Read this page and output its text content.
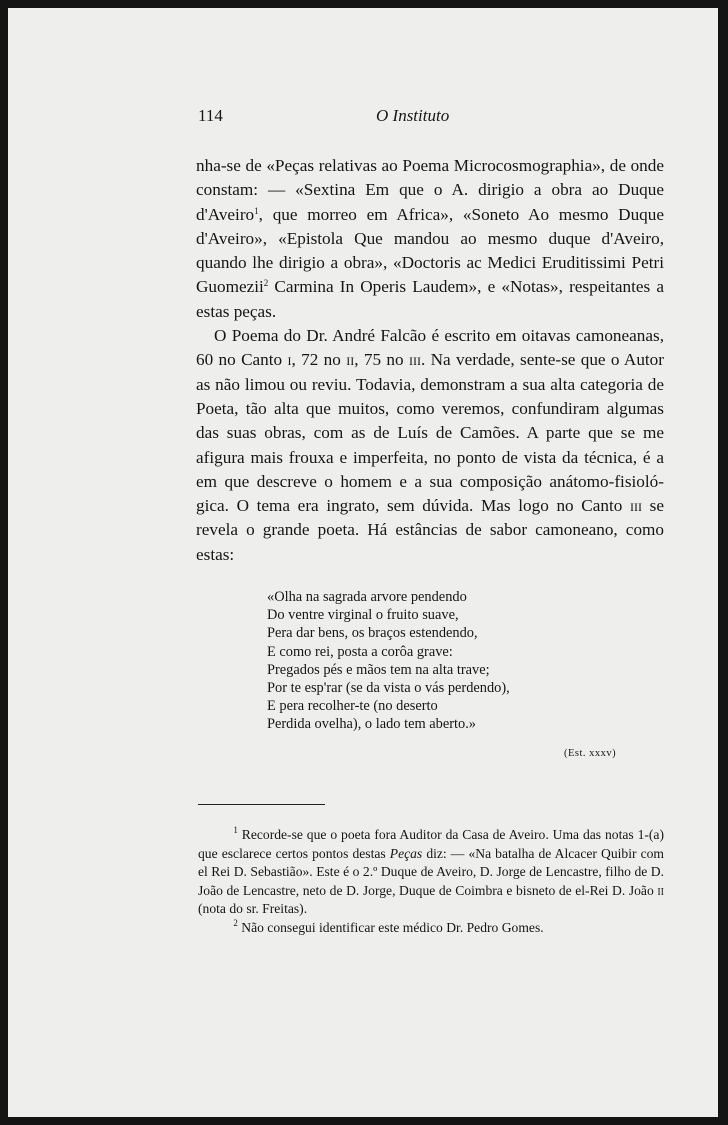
114	O Instituto

nha-se de «Peças relativas ao Poema Microcosmographia», de onde constam: — «Sextina Em que o A. dirigio a obra ao Duque d'Aveiro$^1$, que morreo em Africa», «Soneto Ao mesmo Duque d'Aveiro», «Epistola Que mandou ao mesmo duque d'Aveiro, quando lhe dirigio a obra», «Doctoris ac Medici Eruditissimi Petri Guomezii$^2$ Carmina In Operis Laudem», e «Notas», respeitantes a estas peças.

O Poema do Dr. André Falcão é escrito em oitavas camoneanas, 60 no Canto i, 72 no ii, 75 no iii. Na verdade, sente-se que o Autor as não limou ou reviu. Todavia, demonstram a sua alta categoria de Poeta, tão alta que muitos, como veremos, confundiram algumas das suas obras, com as de Luís de Camões. A parte que se me afigura mais frouxa e imperfeita, no ponto de vista da técnica, é a em que descreve o homem e a sua composição anátomo-fisioló- gica. O tema era ingrato, sem dúvida. Mas logo no Canto iii se revela o grande poeta. Há estâncias de sabor camoneano, como estas:

«Olha na sagrada arvore pendendo
Do ventre virginal o fruito suave,
Pera dar bens, os braços estendendo,
E como rei, posta a corôa grave:
Pregados pés e mãos tem na alta trave;
Por te esp'rar (se da vista o vás perdendo),
E pera recolher-te (no deserto
Perdida ovelha), o lado tem aberto.»
(Est. xxxv)

$^1$ Recorde-se que o poeta fora Auditor da Casa de Aveiro. Uma das notas 1-(a) que esclarece certos pontos destas Peças diz: — «Na batalha de Alcacer Quibir com el Rei D. Sebastião». Este é o 2.º Duque de Aveiro, D. Jorge de Lencastre, filho de D. João de Lencastre, neto de D. Jorge, Duque de Coimbra e bisneto de el-Rei D. João ii (nota do sr. Freitas).

$^2$ Não consegui identificar este médico Dr. Pedro Gomes.
